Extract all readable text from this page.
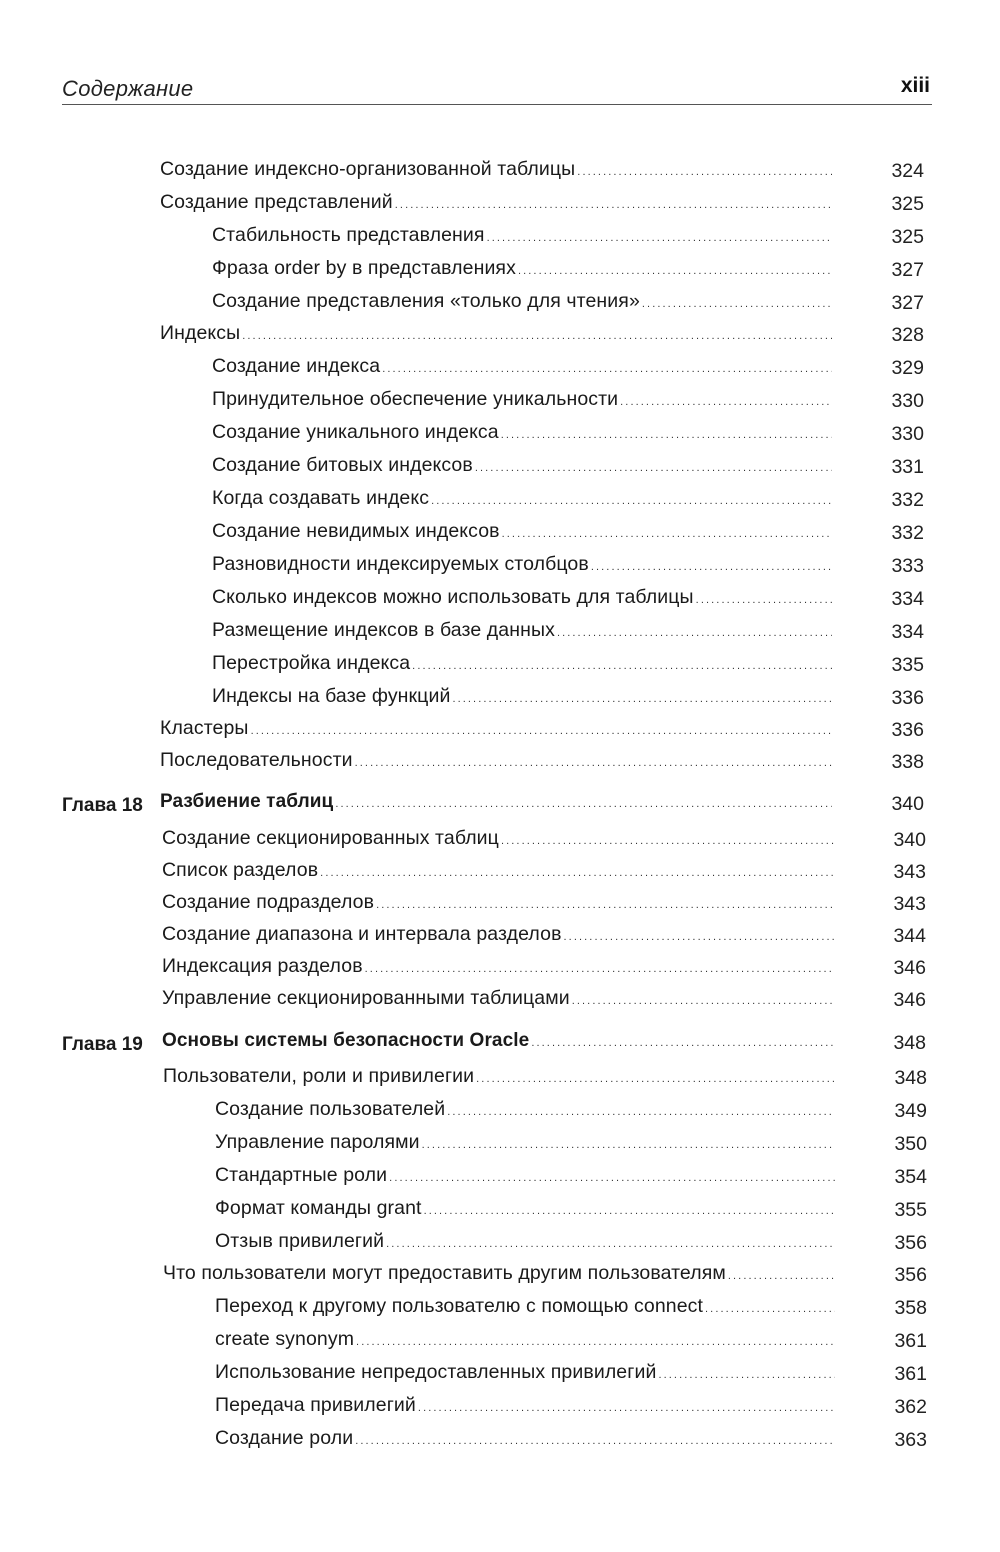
Содержание	xiii
Создание индексно-организованной таблицы .....	324
Создание представлений .....	325
Стабильность представления .....	325
Фраза order by в представлениях .....	327
Создание представления «только для чтения» .....	327
Индексы .....	328
Создание индекса .....	329
Принудительное обеспечение уникальности .....	330
Создание уникального индекса .....	330
Создание битовых индексов .....	331
Когда создавать индекс .....	332
Создание невидимых индексов .....	332
Разновидности индексируемых столбцов .....	333
Сколько индексов можно использовать для таблицы .....	334
Размещение индексов в базе данных .....	334
Перестройка индекса .....	335
Индексы на базе функций .....	336
Кластеры .....	336
Последовательности .....	338
Глава 18 Разбиение таблиц .....	340
Создание секционированных таблиц .....	340
Список разделов .....	343
Создание подразделов .....	343
Создание диапазона и интервала разделов .....	344
Индексация разделов .....	346
Управление секционированными таблицами .....	346
Глава 19 Основы системы безопасности Oracle .....	348
Пользователи, роли и привилегии .....	348
Создание пользователей .....	349
Управление паролями .....	350
Стандартные роли .....	354
Формат команды grant .....	355
Отзыв привилегий .....	356
Что пользователи могут предоставить другим пользователям .....	356
Переход к другому пользователю с помощью connect .....	358
create synonym .....	361
Использование непредоставленных привилегий .....	361
Передача привилегий .....	362
Создание роли .....	363
